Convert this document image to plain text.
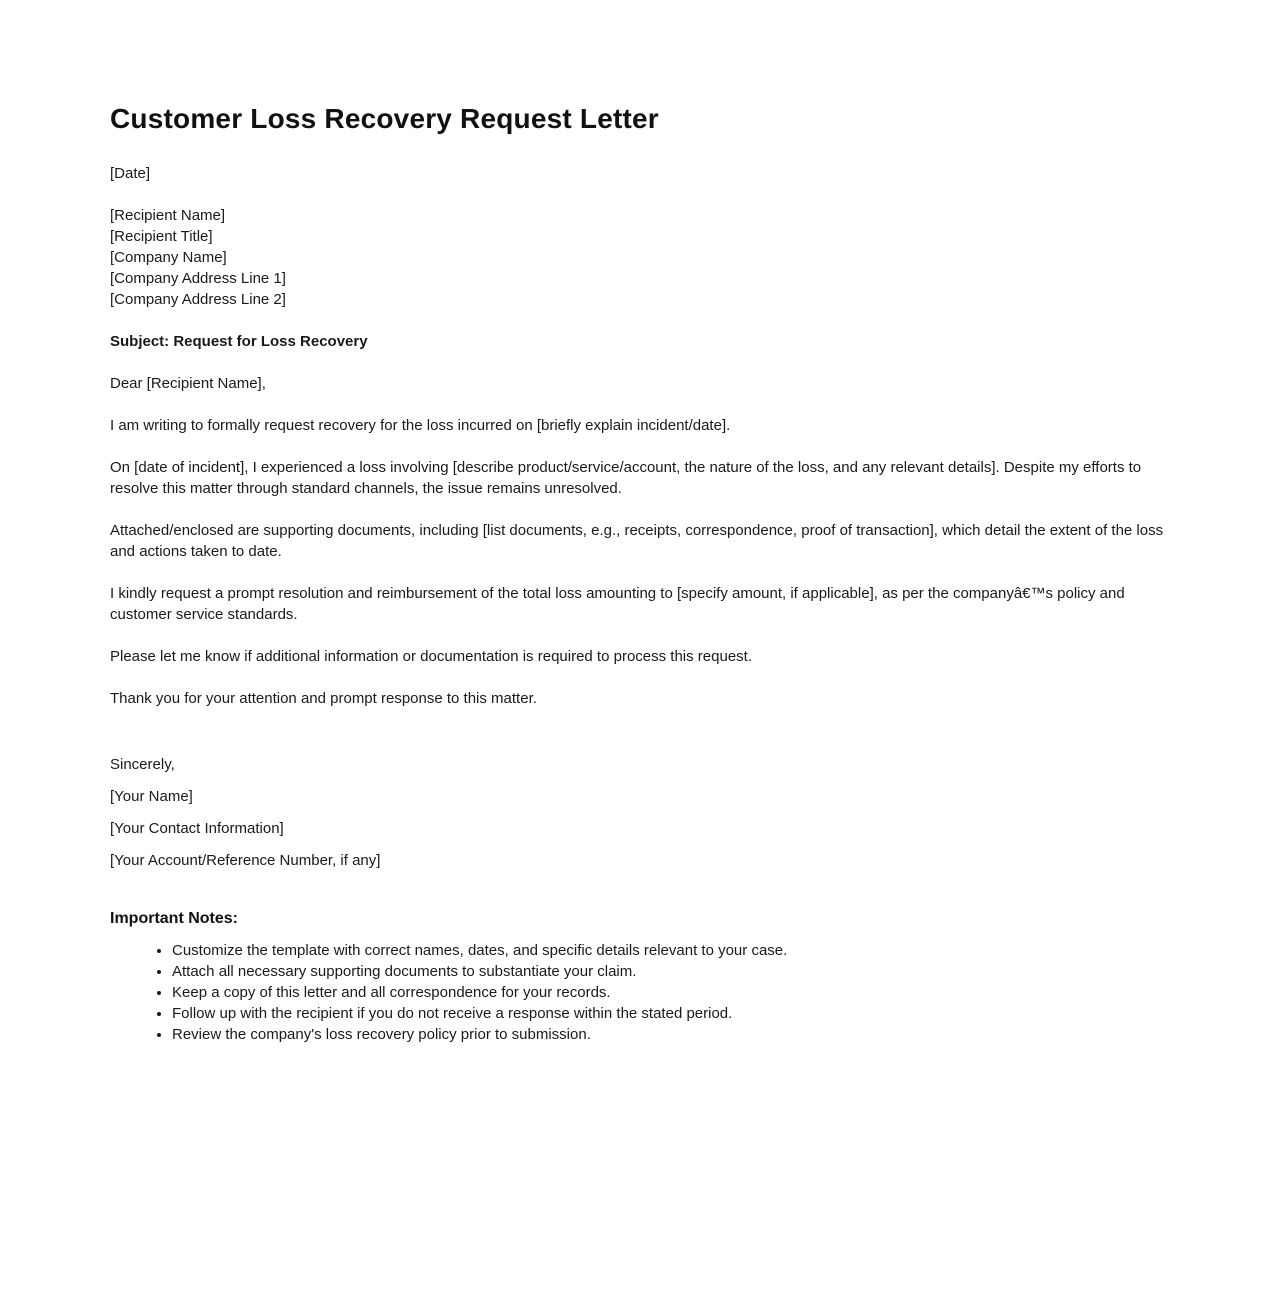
Customer Loss Recovery Request Letter

[Date]

[Recipient Name]
[Recipient Title]
[Company Name]
[Company Address Line 1]
[Company Address Line 2]

Subject: Request for Loss Recovery

Dear [Recipient Name],

I am writing to formally request recovery for the loss incurred on [briefly explain incident/date].

On [date of incident], I experienced a loss involving [describe product/service/account, the nature of the loss, and any relevant details]. Despite my efforts to resolve this matter through standard channels, the issue remains unresolved.

Attached/enclosed are supporting documents, including [list documents, e.g., receipts, correspondence, proof of transaction], which detail the extent of the loss and actions taken to date.

I kindly request a prompt resolution and reimbursement of the total loss amounting to [specify amount, if applicable], as per the companyâ€™s policy and customer service standards.

Please let me know if additional information or documentation is required to process this request.

Thank you for your attention and prompt response to this matter.

Sincerely,

[Your Name]

[Your Contact Information]

[Your Account/Reference Number, if any]

Important Notes:
• Customize the template with correct names, dates, and specific details relevant to your case.
• Attach all necessary supporting documents to substantiate your claim.
• Keep a copy of this letter and all correspondence for your records.
• Follow up with the recipient if you do not receive a response within the stated period.
• Review the company's loss recovery policy prior to submission.
